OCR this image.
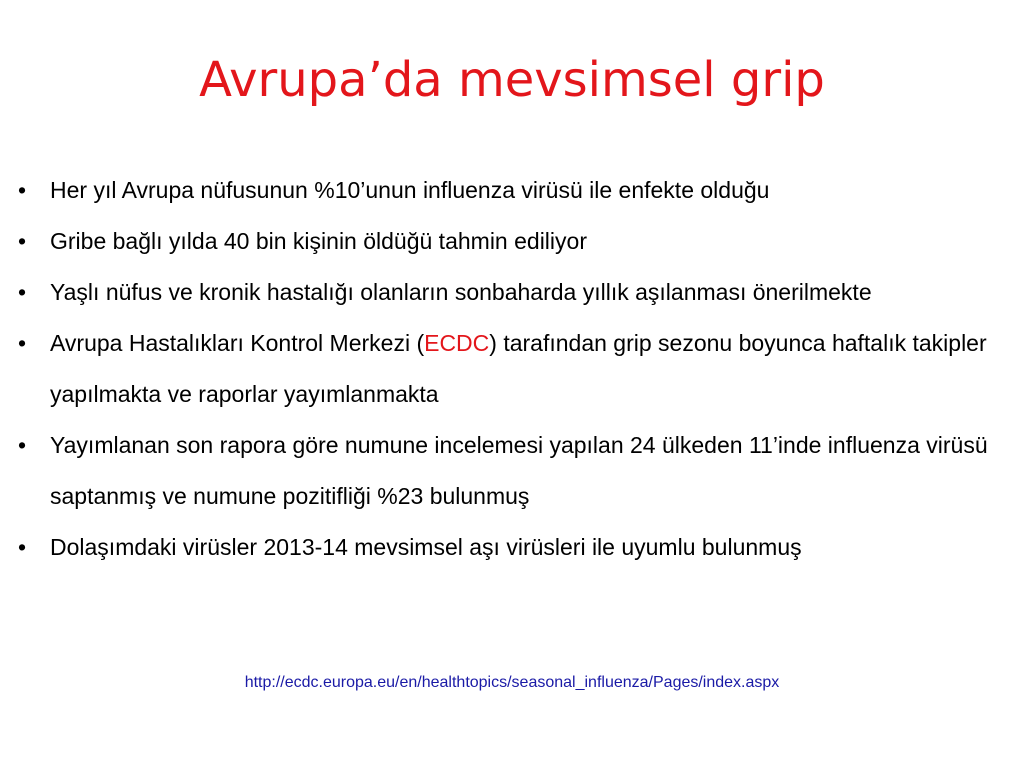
Avrupa’da mevsimsel grip
• Her yıl Avrupa nüfusunun %10’unun influenza virüsü ile enfekte olduğu
• Gribe bağlı yılda 40 bin kişinin öldüğü tahmin ediliyor
• Yaşlı nüfus ve kronik hastalığı olanların sonbaharda yıllık aşılanması önerilmekte
• Avrupa Hastalıkları Kontrol Merkezi (ECDC) tarafından grip sezonu boyunca haftalık takipler yapılmakta ve raporlar yayımlanmakta
• Yayımlanan son rapora göre numune incelemesi yapılan 24 ülkeden 11’inde influenza virüsü saptanmış ve numune pozitifliği %23 bulunmuş
• Dolaşımdaki virüsler 2013-14 mevsimsel aşı virüsleri ile uyumlu bulunmuş
http://ecdc.europa.eu/en/healthtopics/seasonal_influenza/Pages/index.aspx
